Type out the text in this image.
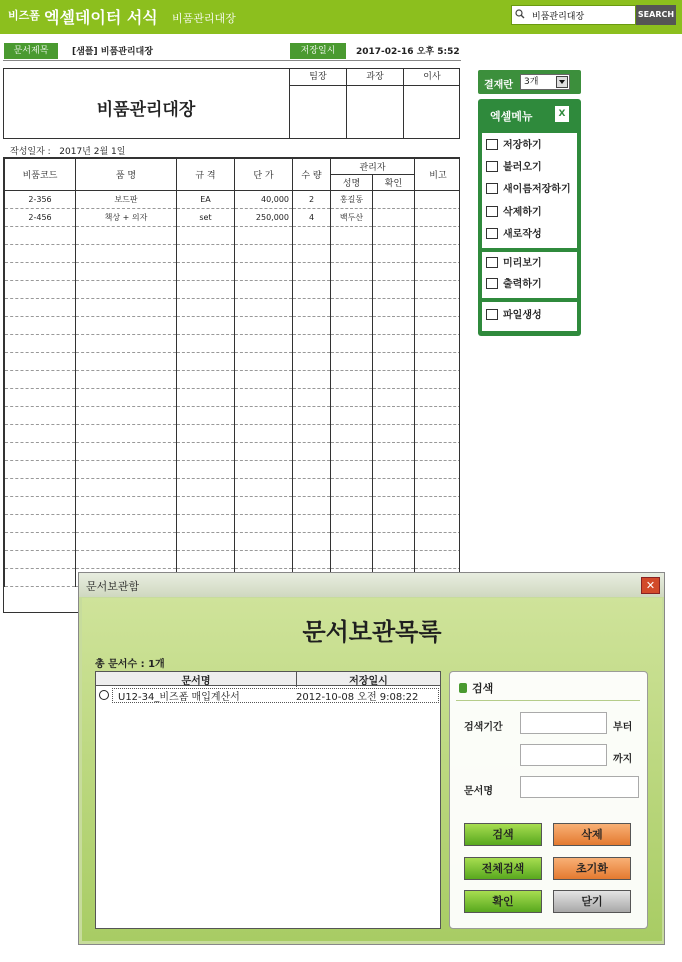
비즈폼 엑셀데이터 서식 비품관리대장
비품관리대장	SEARCH
문서제목	[샘플] 비품관리대장	저장일시	2017-02-16 오후 5:52
비품관리대장
팀장	과장	이사
작성일자 : 2017년 2월 1일
비품코드	품 명	규 격	단 가	수 량	관리자		비고
					성명	확인	
2-356	보드판	EA	40,000	2	홍길동		
2-456	책상 + 의자	set	250,000	4	백두산		

결재란	3개
엑셀메뉴	X
저장하기
불러오기
새이름저장하기
삭제하기
새로작성
미리보기
출력하기
파일생성
문서보관함	✕
문서보관목록
총 문서수 : 1개
문서명	저장일시
U12-34_비즈폼 매입계산서	2012-10-08 오전 9:08:22
검색
검색기간	부터
까지
문서명
검색	삭제
전체검색	초기화
확인	닫기
